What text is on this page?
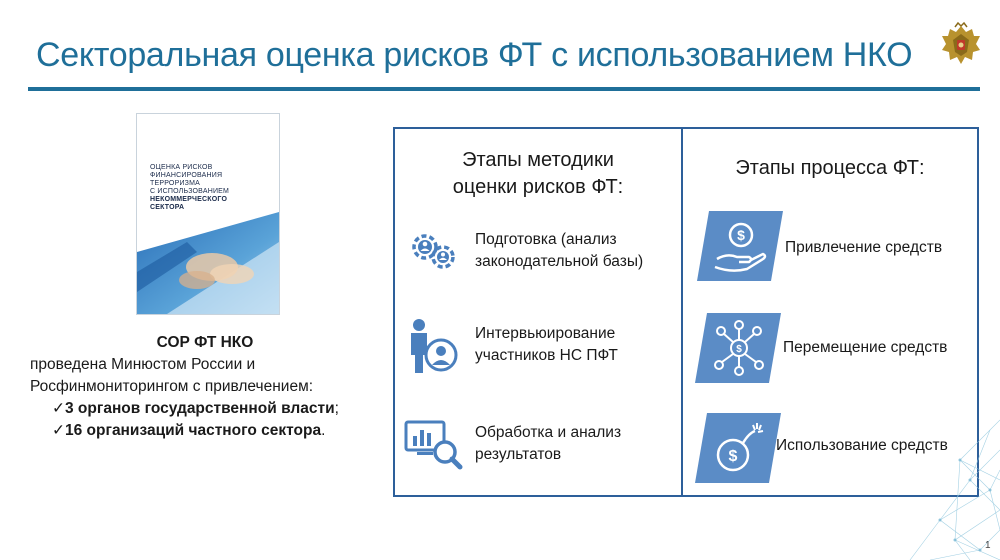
Секторальная оценка рисков ФТ с использованием НКО
ОЦЕНКА РИСКОВ
ФИНАНСИРОВАНИЯ
ТЕРРОРИЗМА
С ИСПОЛЬЗОВАНИЕМ
НЕКОММЕРЧЕСКОГО
СЕКТОРА
СОР ФТ НКО
проведена Минюстом России и
Росфинмониторингом с привлечением:
✓3 органов государственной власти;
✓16 организаций частного сектора.
Этапы методики
оценки рисков ФТ:
Подготовка (анализ
законодательной базы)
Интервьюирование
участников НС ПФТ
Обработка и анализ
результатов
Этапы процесса ФТ:
$
Привлечение средств
$	Перемещение средств
$
Использование средств
1
